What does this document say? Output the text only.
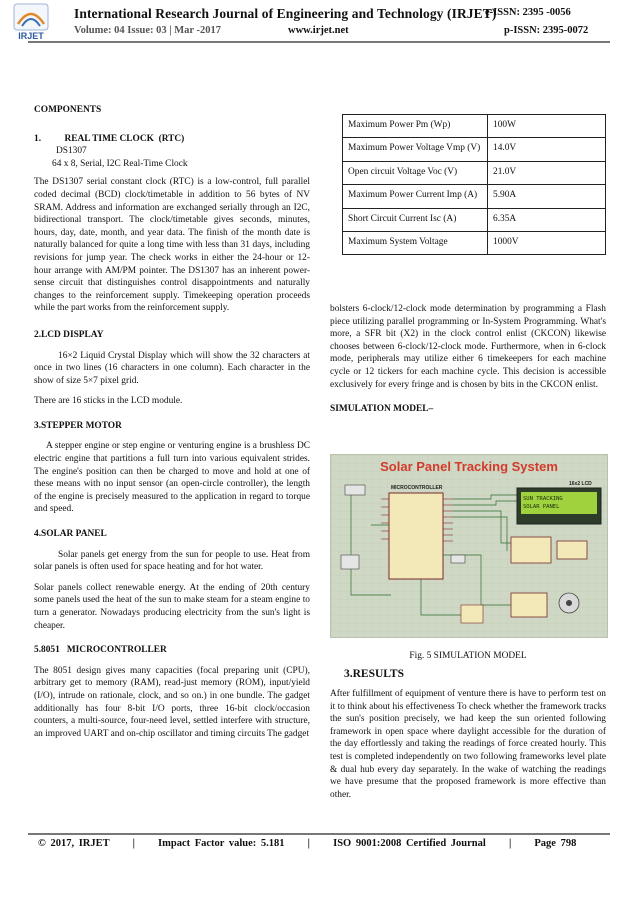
IRJET
International Research Journal of Engineering and Technology (IRJET)
e-ISSN: 2395 -0056
Volume: 04 Issue: 03 | Mar -2017	www.irjet.net	p-ISSN: 2395-0072

COMPONENTS

1.          REAL TIME CLOCK  (RTC)

DS1307

64 x 8, Serial, I2C Real-Time Clock

The DS1307 serial constant clock (RTC) is a low-control, full parallel coded decimal (BCD) clock/timetable in addition to 56 bytes of NV SRAM. Address and information are exchanged serially through an I2C, bidirectional transport. The clock/timetable gives seconds, minutes, hours, day, date, month, and year data. The finish of the month date is naturally balanced for quite a long time with less than 31 days, including revisions for jump year. The check works in either the 24-hour or 12-hour arrange with AM/PM pointer. The DS1307 has an inherent power-sense circuit that distinguishes control disappointments and naturally changes to the reinforcement supply. Timekeeping operation proceeds while the part works from the reinforcement supply.

2.LCD DISPLAY

16×2 Liquid Crystal Display which will show the 32 characters at once in two lines (16 characters in one column). Each character in the show of size 5×7 pixel grid.

There are 16 sticks in the LCD module.

3.STEPPER MOTOR

A stepper engine or step engine or venturing engine is a brushless DC electric engine that partitions a full turn into various equivalent strides. The engine's position can then be charged to move and hold at one of these means with no input sensor (an open-circle controller), the length of the engine is precisely measured to the application in regard to torque and speed.

4.SOLAR PANEL

Solar panels get energy from the sun for people to use. Heat from solar panels is often used for space heating and for hot water.

Solar panels collect renewable energy. At the ending of 20th century some panels used the heat of the sun to make steam for a steam engine to turn a generator. Nowadays producing electricity from the sun's light is cheaper.

5.8051   MICROCONTROLLER

The 8051 design gives many capacities (focal preparing unit (CPU), arbitrary get to memory (RAM), read-just memory (ROM), input/yield (I/O), intrude on rationale, clock, and so on.) in one bundle. The gadget additionally has four 8-bit I/O ports, three 16-bit clock/occasion counters, a multi-source, four-need level, settled interfere with structure, an improved UART and on-chip oscillator and timing circuits The gadget

Maximum Power Pm (Wp)	100W
Maximum Power Voltage Vmp (V)	14.0V
Open circuit Voltage Voc (V)	21.0V
Maximum Power Current Imp (A)	5.90A
Short Circuit Current Isc (A)	6.35A
Maximum System Voltage	1000V

bolsters 6-clock/12-clock mode determination by programming a Flash piece utilizing parallel programming or In-System Programming. What's more, a SFR bit (X2) in the clock control enlist (CKCON) likewise chooses between 6-clock/12-clock mode. Furthermore, when in 6-clock mode, peripherals may utilize either 6 timekeepers for each machine cycle or 12 tickers for each machine cycle. This decision is accessible exclusively for every fringe and is chosen by bits in the CKCON enlist.

SIMULATION MODEL–

Solar Panel Tracking System
MICROCONTROLLER
16x2 LCD
SUN TRACKING
SOLAR PANEL
Fig. 5 SIMULATION MODEL

3.RESULTS

After fulfillment of equipment of venture there is have to perform test on it to think about his effectiveness To check whether the framework tracks the sun's position precisely, we had keep the sun oriented following framework in open space where daylight accessible for the duration of the day effortlessly and taking the readings of force created hourly. This test is completed independently on two following frameworks level plate & dual hub every day separately. In the wake of watching the readings we have presume that the proposed framework is more effective than other.

© 2017, IRJET     |     Impact Factor value: 5.181     |     ISO 9001:2008 Certified Journal     |     Page 798
